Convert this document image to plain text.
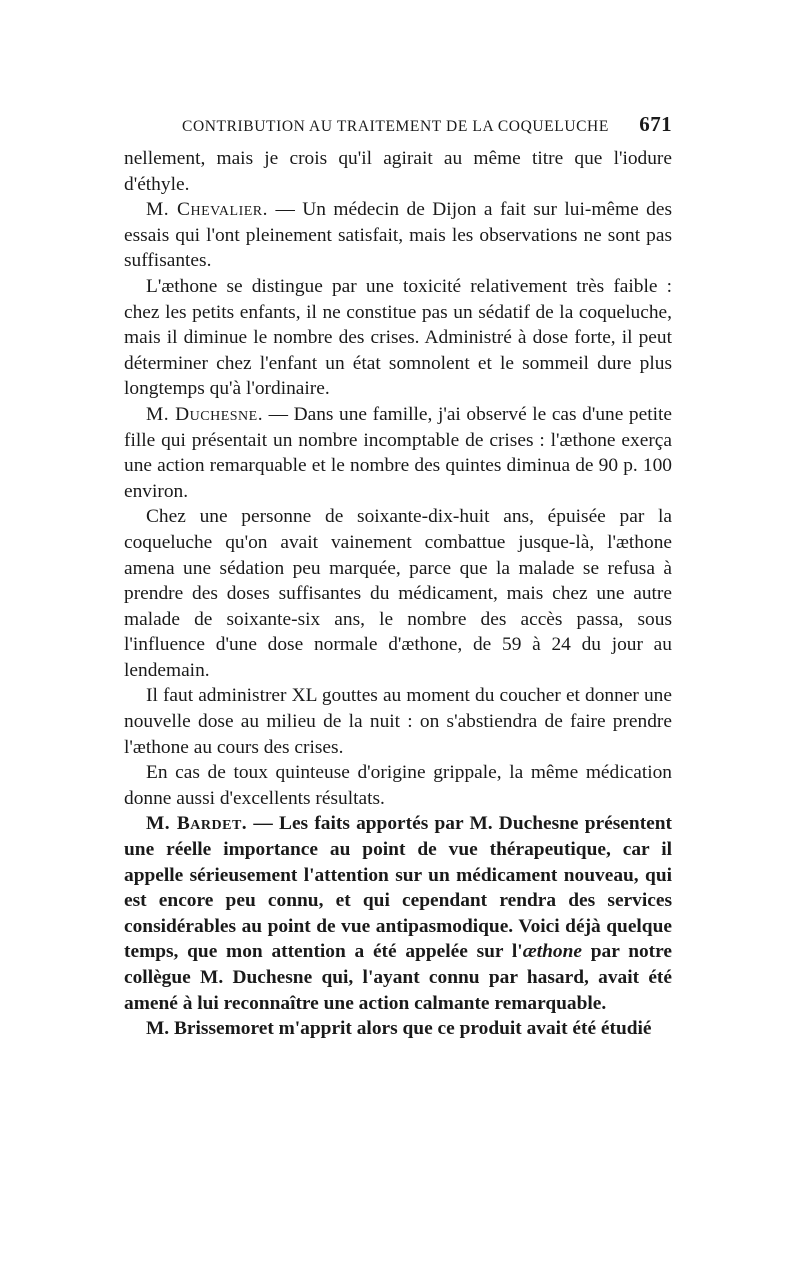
CONTRIBUTION AU TRAITEMENT DE LA COQUELUCHE 671

nellement, mais je crois qu'il agirait au même titre que l'iodure d'éthyle.

M. Chevalier. — Un médecin de Dijon a fait sur lui-même des essais qui l'ont pleinement satisfait, mais les observations ne sont pas suffisantes.

L'æthone se distingue par une toxicité relativement très faible : chez les petits enfants, il ne constitue pas un sédatif de la coqueluche, mais il diminue le nombre des crises. Administré à dose forte, il peut déterminer chez l'enfant un état somnolent et le sommeil dure plus longtemps qu'à l'ordinaire.

M. Duchesne. — Dans une famille, j'ai observé le cas d'une petite fille qui présentait un nombre incomptable de crises : l'æthone exerça une action remarquable et le nombre des quintes diminua de 90 p. 100 environ.

Chez une personne de soixante-dix-huit ans, épuisée par la coqueluche qu'on avait vainement combattue jusque-là, l'æthone amena une sédation peu marquée, parce que la malade se refusa à prendre des doses suffisantes du médicament, mais chez une autre malade de soixante-six ans, le nombre des accès passa, sous l'influence d'une dose normale d'æthone, de 59 à 24 du jour au lendemain.

Il faut administrer XL gouttes au moment du coucher et donner une nouvelle dose au milieu de la nuit : on s'abstiendra de faire prendre l'æthone au cours des crises.

En cas de toux quinteuse d'origine grippale, la même médication donne aussi d'excellents résultats.

M. Bardet. — Les faits apportés par M. Duchesne présentent une réelle importance au point de vue thérapeutique, car il appelle sérieusement l'attention sur un médicament nouveau, qui est encore peu connu, et qui cependant rendra des services considérables au point de vue antipasmodique. Voici déjà quelque temps, que mon attention a été appelée sur l'æthone par notre collègue M. Duchesne qui, l'ayant connu par hasard, avait été amené à lui reconnaître une action calmante remarquable.

M. Brissemoret m'apprit alors que ce produit avait été étudié
